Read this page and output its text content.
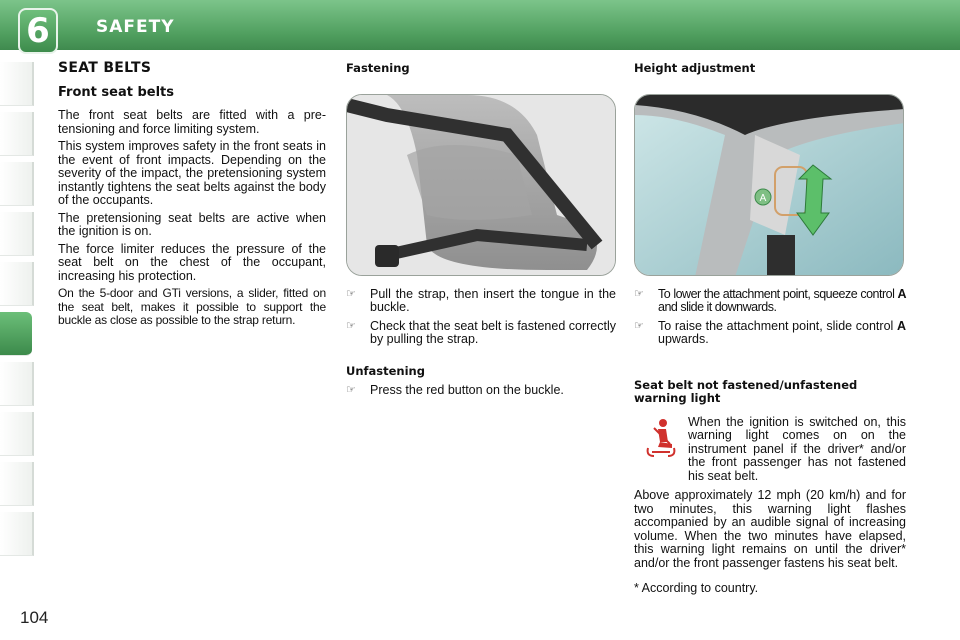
6	SAFETY
SEAT BELTS
Front seat belts

The front seat belts are fitted with a pre-tensioning and force limiting system.

This system improves safety in the front seats in the event of front impacts. Depending on the severity of the impact, the pretensioning system instantly tightens the seat belts against the body of the occupants.

The pretensioning seat belts are active when the ignition is on.

The force limiter reduces the pressure of the seat belt on the chest of the occupant, increasing his protection.

On the 5-door and GTi versions, a slider, fitted on the seat belt, makes it possible to support the buckle as close as possible to the strap return.

Fastening
☞ Pull the strap, then insert the tongue in the buckle.
☞ Check that the seat belt is fastened correctly by pulling the strap.
Unfastening
☞ Press the red button on the buckle.
Height adjustment
A
☞ To lower the attachment point, squeeze control A and slide it downwards.
☞ To raise the attachment point, slide control A upwards.
Seat belt not fastened/unfastened warning light

When the ignition is switched on, this warning light comes on on the instrument panel if the driver* and/or the front passenger has not fastened his seat belt.

Above approximately 12 mph (20 km/h) and for two minutes, this warning light flashes accompanied by an audible signal of increasing volume. When the two minutes have elapsed, this warning light remains on until the driver* and/or the front passenger fastens his seat belt.

* According to country.

104
